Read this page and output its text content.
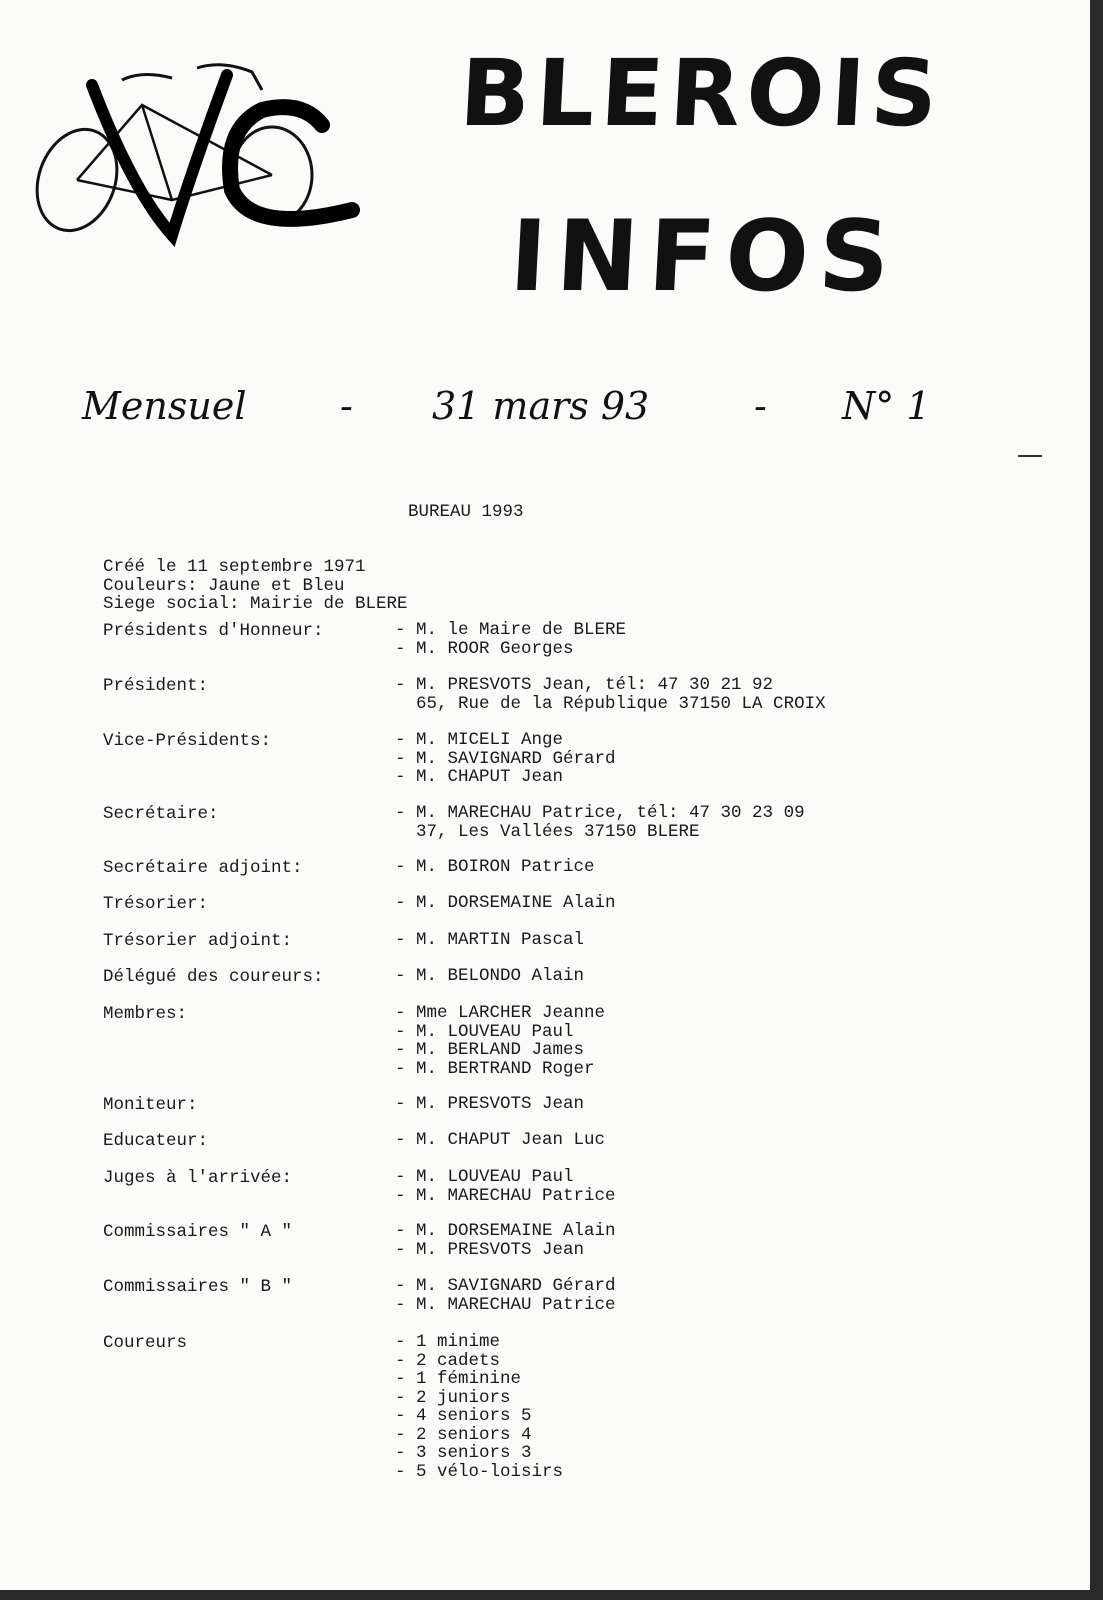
VC	BLEROIS
INFOS
Mensuel - 31 mars 93	- N° 1
BUREAU 1993
Créé le 11 septembre 1971
Couleurs: Jaune et Bleu
Siege social: Mairie de BLERE
Présidents d'Honneur:	- M. le Maire de BLERE
- M. ROOR Georges
Président:	- M. PRESVOTS Jean, tél: 47 30 21 92
65, Rue de la République 37150 LA CROIX
Vice-Présidents:	- M. MICELI Ange
- M. SAVIGNARD Gérard
- M. CHAPUT Jean
Secrétaire:	- M. MARECHAU Patrice, tél: 47 30 23 09
37, Les Vallées 37150 BLERE
Secrétaire adjoint:	- M. BOIRON Patrice
Trésorier:	- M. DORSEMAINE Alain
Trésorier adjoint:	- M. MARTIN Pascal
Délégué des coureurs:	- M. BELONDO Alain
Membres:	- Mme LARCHER Jeanne
- M. LOUVEAU Paul
- M. BERLAND James
- M. BERTRAND Roger
Moniteur:	- M. PRESVOTS Jean
Educateur:	- M. CHAPUT Jean Luc
Juges à l'arrivée:	- M. LOUVEAU Paul
- M. MARECHAU Patrice
Commissaires " A "	- M. DORSEMAINE Alain
- M. PRESVOTS Jean
Commissaires " B "	- M. SAVIGNARD Gérard
- M. MARECHAU Patrice
Coureurs	- 1 minime
- 2 cadets
- 1 féminine
- 2 juniors
- 4 seniors 5
- 2 seniors 4
- 3 seniors 3
- 5 vélo-loisirs
